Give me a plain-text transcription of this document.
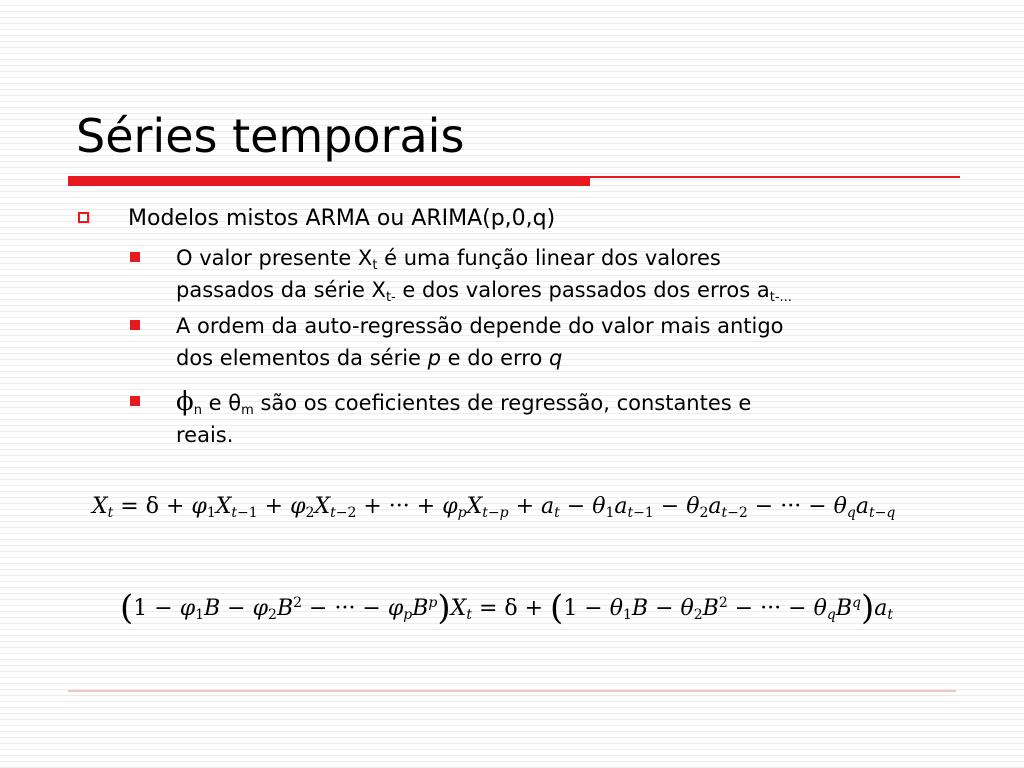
Séries temporais
Modelos mistos ARMA ou ARIMA(p,0,q)
O valor presente $X_t$ é uma função linear dos valores
passados da série $X_{t-}$ e dos valores passados dos erros $a_{t-...}$
A ordem da auto-regressão depende do valor mais antigo
dos elementos da série p e do erro q
$\phi_n$ e $\theta_m$ são os coeficientes de regressão, constantes e
reais.
$X_t = \delta + \varphi_1X_{t-1} + \varphi_2X_{t-2}$ + ··· + $\varphi_pX_{t-p} + a_t - \theta_1a_{t-1} - \theta_2a_{t-2}$ − ··· − $\theta_qa_{t-q}$
($1 - \varphi_1B - \varphi_2B^2$ − ··· − $\varphi_pB^p)X_t = \delta + (1 - \theta_1B - \theta_2B^2$ − ··· − $\theta_qB^q)a_t$
